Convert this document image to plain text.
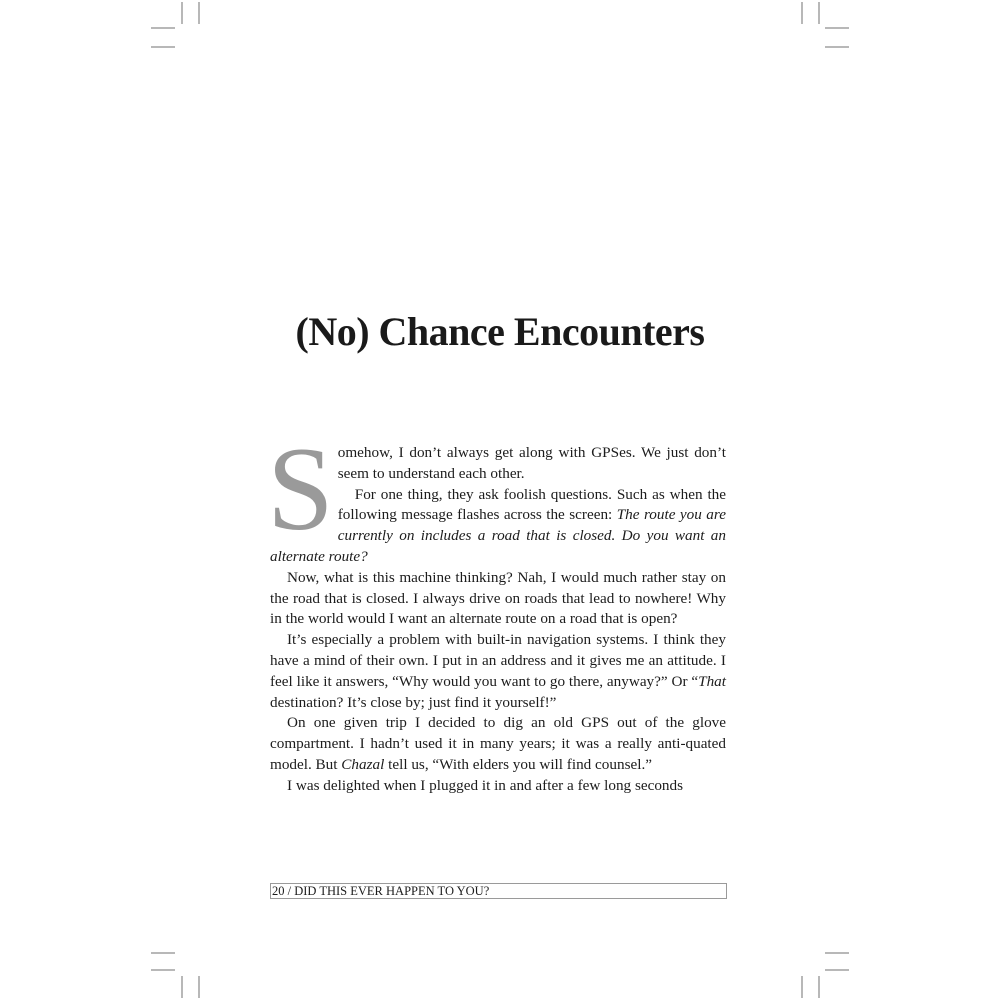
(No) Chance Encounters

Somehow, I don’t always get along with GPSes. We just don’t seem to understand each other.

For one thing, they ask foolish questions. Such as when the following message flashes across the screen: The route you are currently on includes a road that is closed. Do you want an alternate route?

Now, what is this machine thinking? Nah, I would much rather stay on the road that is closed. I always drive on roads that lead to nowhere! Why in the world would I want an alternate route on a road that is open?

It’s especially a problem with built-in navigation systems. I think they have a mind of their own. I put in an address and it gives me an attitude. I feel like it answers, “Why would you want to go there, anyway?” Or “That destination? It’s close by; just find it yourself!”

On one given trip I decided to dig an old GPS out of the glove compartment. I hadn’t used it in many years; it was a really anti-quated model. But Chazal tell us, “With elders you will find counsel.”

I was delighted when I plugged it in and after a few long seconds

20 / DID THIS EVER HAPPEN TO YOU?
